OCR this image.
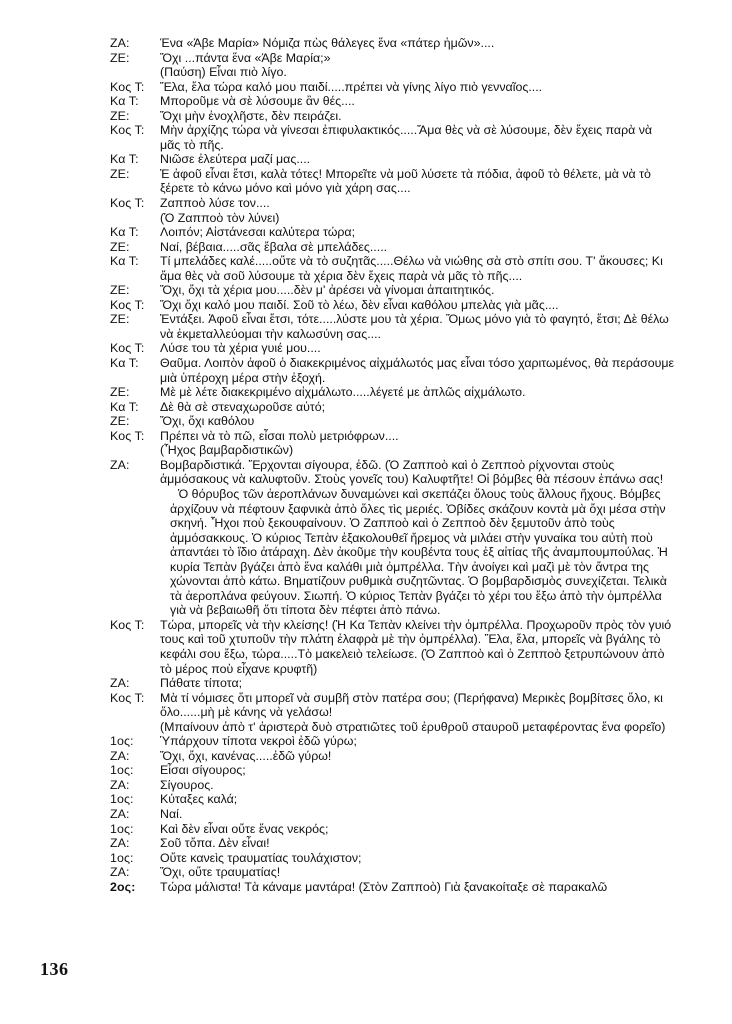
ZA: Ένα «Άβε Μαρία» Νόμιζα πὼς θάλεγες ἕνα «πάτερ ἡμῶν»....
ZE: Ὄχι ...πάντα ἕνα «Άβε Μαρία;»
(Παύση) Εἶναι πιὸ λίγο.
Κος Τ: Ἔλα, ἔλα τώρα καλό μου παιδί.....πρέπει νὰ γίνης λίγο πιὸ γενναῖος....
Κα Τ: Μποροῦμε νὰ σὲ λύσουμε ἂν θές....
ZE: Ὄχι μὴν ἐνοχλῆστε, δὲν πειράζει.
Κος Τ: Μὴν ἀρχίζης τώρα νὰ γίνεσαι ἐπιφυλακτικός.....Ἄμα θὲς νὰ σὲ λύσουμε, δὲν ἔχεις παρὰ νὰ μᾶς τὸ πῆς.
Κα Τ: Νιῶσε ἐλεύτερα μαζί μας....
ZE: Ἐ ἀφοῦ εἶναι ἔτσι, καλὰ τότες! Μπορεῖτε νὰ μοῦ λύσετε τὰ πόδια, ἀφοῦ τὸ θέλετε, μὰ νὰ τὸ ξέρετε τὸ κάνω μόνο καὶ μόνο γιὰ χάρη σας....
Κος Τ: Ζαπποὸ λύσε τον....
(Ὁ Ζαπποὸ τὸν λύνει)
Κα Τ: Λοιπόν; Αἰστάνεσαι καλύτερα τώρα;
ZE: Ναί, βέβαια.....σᾶς ἔβαλα σὲ μπελάδες.....
Κα Τ: Τί μπελάδες καλέ.....οὔτε νὰ τὸ συζητᾶς.....Θέλω νὰ νιώθης σὰ στὸ σπίτι σου. Τ' ἄκουσες; Κι ἄμα θὲς νὰ σοῦ λύσουμε τὰ χέρια δὲν ἔχεις παρὰ νὰ μᾶς τὸ πῆς....
ZE: Ὄχι, ὄχι τὰ χέρια μου.....δὲν μ' ἀρέσει νὰ γίνομαι ἀπαιτητικός.
Κος Τ: Ὄχι ὄχι καλό μου παιδί. Σοῦ τὸ λέω, δὲν εἶναι καθόλου μπελὰς γιὰ μᾶς....
ZE: Ἐντάξει. Ἀφοῦ εἶναι ἔτσι, τότε.....λύστε μου τὰ χέρια. Ὅμως μόνο γιὰ τὸ φαγητό, ἔτσι; Δὲ θέλω νὰ ἐκμεταλλεύομαι τὴν καλωσύνη σας....
Κος Τ: Λύσε του τὰ χέρια γυιέ μου....
Κα Τ: Θαῦμα. Λοιπὸν ἀφοῦ ὁ διακεκριμένος αἰχμάλωτός μας εἶναι τόσο χαριτωμένος, θὰ περάσουμε μιὰ ὑπέροχη μέρα στὴν ἐξοχή.
ZE: Μὲ μὲ λέτε διακεκριμένο αἰχμάλωτο.....λέγετέ με ἁπλῶς αἰχμάλωτο.
Κα Τ: Δὲ θὰ σὲ στεναχωροῦσε αὐτό;
ZE: Ὄχι, ὄχι καθόλου
Κος Τ: Πρέπει νὰ τὸ πῶ, εἶσαι πολὺ μετριόφρων....
(Ἦχος βαμβαρδιστικῶν)
ZA: Βομβαρδιστικά. Ἔρχονται σίγουρα, ἐδῶ. (Ὁ Ζαπποὸ καὶ ὁ Ζεπποὸ ρίχνονται στοὺς ἀμμόσακους νὰ καλυφτοῦν. Στοὺς γονεῖς του) Καλυφτῆτε! Οἱ βόμβες θὰ πέσουν ἐπάνω σας!
Ὁ θόρυβος τῶν ἀεροπλάνων δυναμώνει καὶ σκεπάζει ὅλους τοὺς ἄλλους ἤχους. Βόμβες ἀρχίζουν νὰ πέφτουν ξαφνικὰ ἀπὸ ὅλες τὶς μεριές. Ὀβίδες σκάζουν κοντὰ μὰ ὄχι μέσα στὴν σκηνή. Ἦχοι ποὺ ξεκουφαίνουν. Ὁ Ζαπποὸ καὶ ὁ Ζεπποὸ δὲν ξεμυτοῦν ἀπὸ τοὺς ἀμμόσακκους. Ὁ κύριος Τεπὰν ἐξακολουθεῖ ἤρεμος νὰ μιλάει στὴν γυναίκα του αὐτὴ ποὺ ἀπαντάει τὸ ἴδιο ἀτάραχη. Δὲν ἀκοῦμε τὴν κουβέντα τους ἐξ αἰτίας τῆς ἀναμπουμπούλας. Ἡ κυρία Τεπὰν βγάζει ἀπὸ ἕνα καλάθι μιὰ ὀμπρέλλα. Τὴν ἀνοίγει καὶ μαζὶ μὲ τὸν ἄντρα της χώνονται ἀπὸ κάτω. Βηματίζουν ρυθμικὰ συζητῶντας. Ὁ βομβαρδισμὸς συνεχίζεται. Τελικὰ τὰ ἀεροπλάνα φεύγουν. Σιωπή. Ὁ κύριος Τεπὰν βγάζει τὸ χέρι του ἔξω ἀπὸ τὴν ὀμπρέλλα γιὰ νὰ βεβαιωθῆ ὅτι τίποτα δὲν πέφτει ἀπὸ πάνω.
Κος Τ: Τώρα, μπορεῖς νὰ τὴν κλείσης! (Ἡ Κα Τεπὰν κλείνει τὴν ὀμπρέλλα. Προχωροῦν πρὸς τὸν γυιό τους καὶ τοῦ χτυποῦν τὴν πλάτη ἐλαφρὰ μὲ τὴν ὀμπρέλλα). Ἔλα, ἔλα, μπορεῖς νὰ βγάλης τὸ κεφάλι σου ἔξω, τώρα.....Τὸ μακελειὸ τελείωσε. (Ὁ Ζαπποὸ καὶ ὁ Ζεπποὸ ξετρυπώνουν ἀπὸ τὸ μέρος ποὺ εἶχανε κρυφτῆ)
ZA: Πάθατε τίποτα;
Κος Τ: Μὰ τί νόμισες ὅτι μπορεῖ νὰ συμβῆ στὸν πατέρα σου; (Περήφανα) Μερικὲς βομβίτσες ὅλο, κι ὅλο......μὴ μὲ κάνης νὰ γελάσω!
(Μπαίνουν ἀπὸ τ' ἀριστερὰ δυὸ στρατιῶτες τοῦ ἐρυθροῦ σταυροῦ μεταφέροντας ἕνα φορεῖο)
1ος: Ὑπάρχουν τίποτα νεκροὶ ἐδῶ γύρω;
ZA: Ὄχι, ὄχι, κανένας.....ἐδῶ γύρω!
1ος: Εἶσαι σίγουρος;
ZA: Σίγουρος.
1ος: Κύταξες καλά;
ZA: Ναί.
1ος: Καὶ δὲν εἶναι οὔτε ἕνας νεκρός;
ZA: Σοῦ τὄπα. Δὲν εἶναι!
1ος: Οὔτε κανεὶς τραυματίας τουλάχιστον;
ZA: Ὄχι, οὔτε τραυματίας!
2ος: Τώρα μάλιστα! Τὰ κάναμε μαντάρα! (Στὸν Ζαπποὸ) Γιὰ ξανακοίταξε σὲ παρακαλῶ
136
